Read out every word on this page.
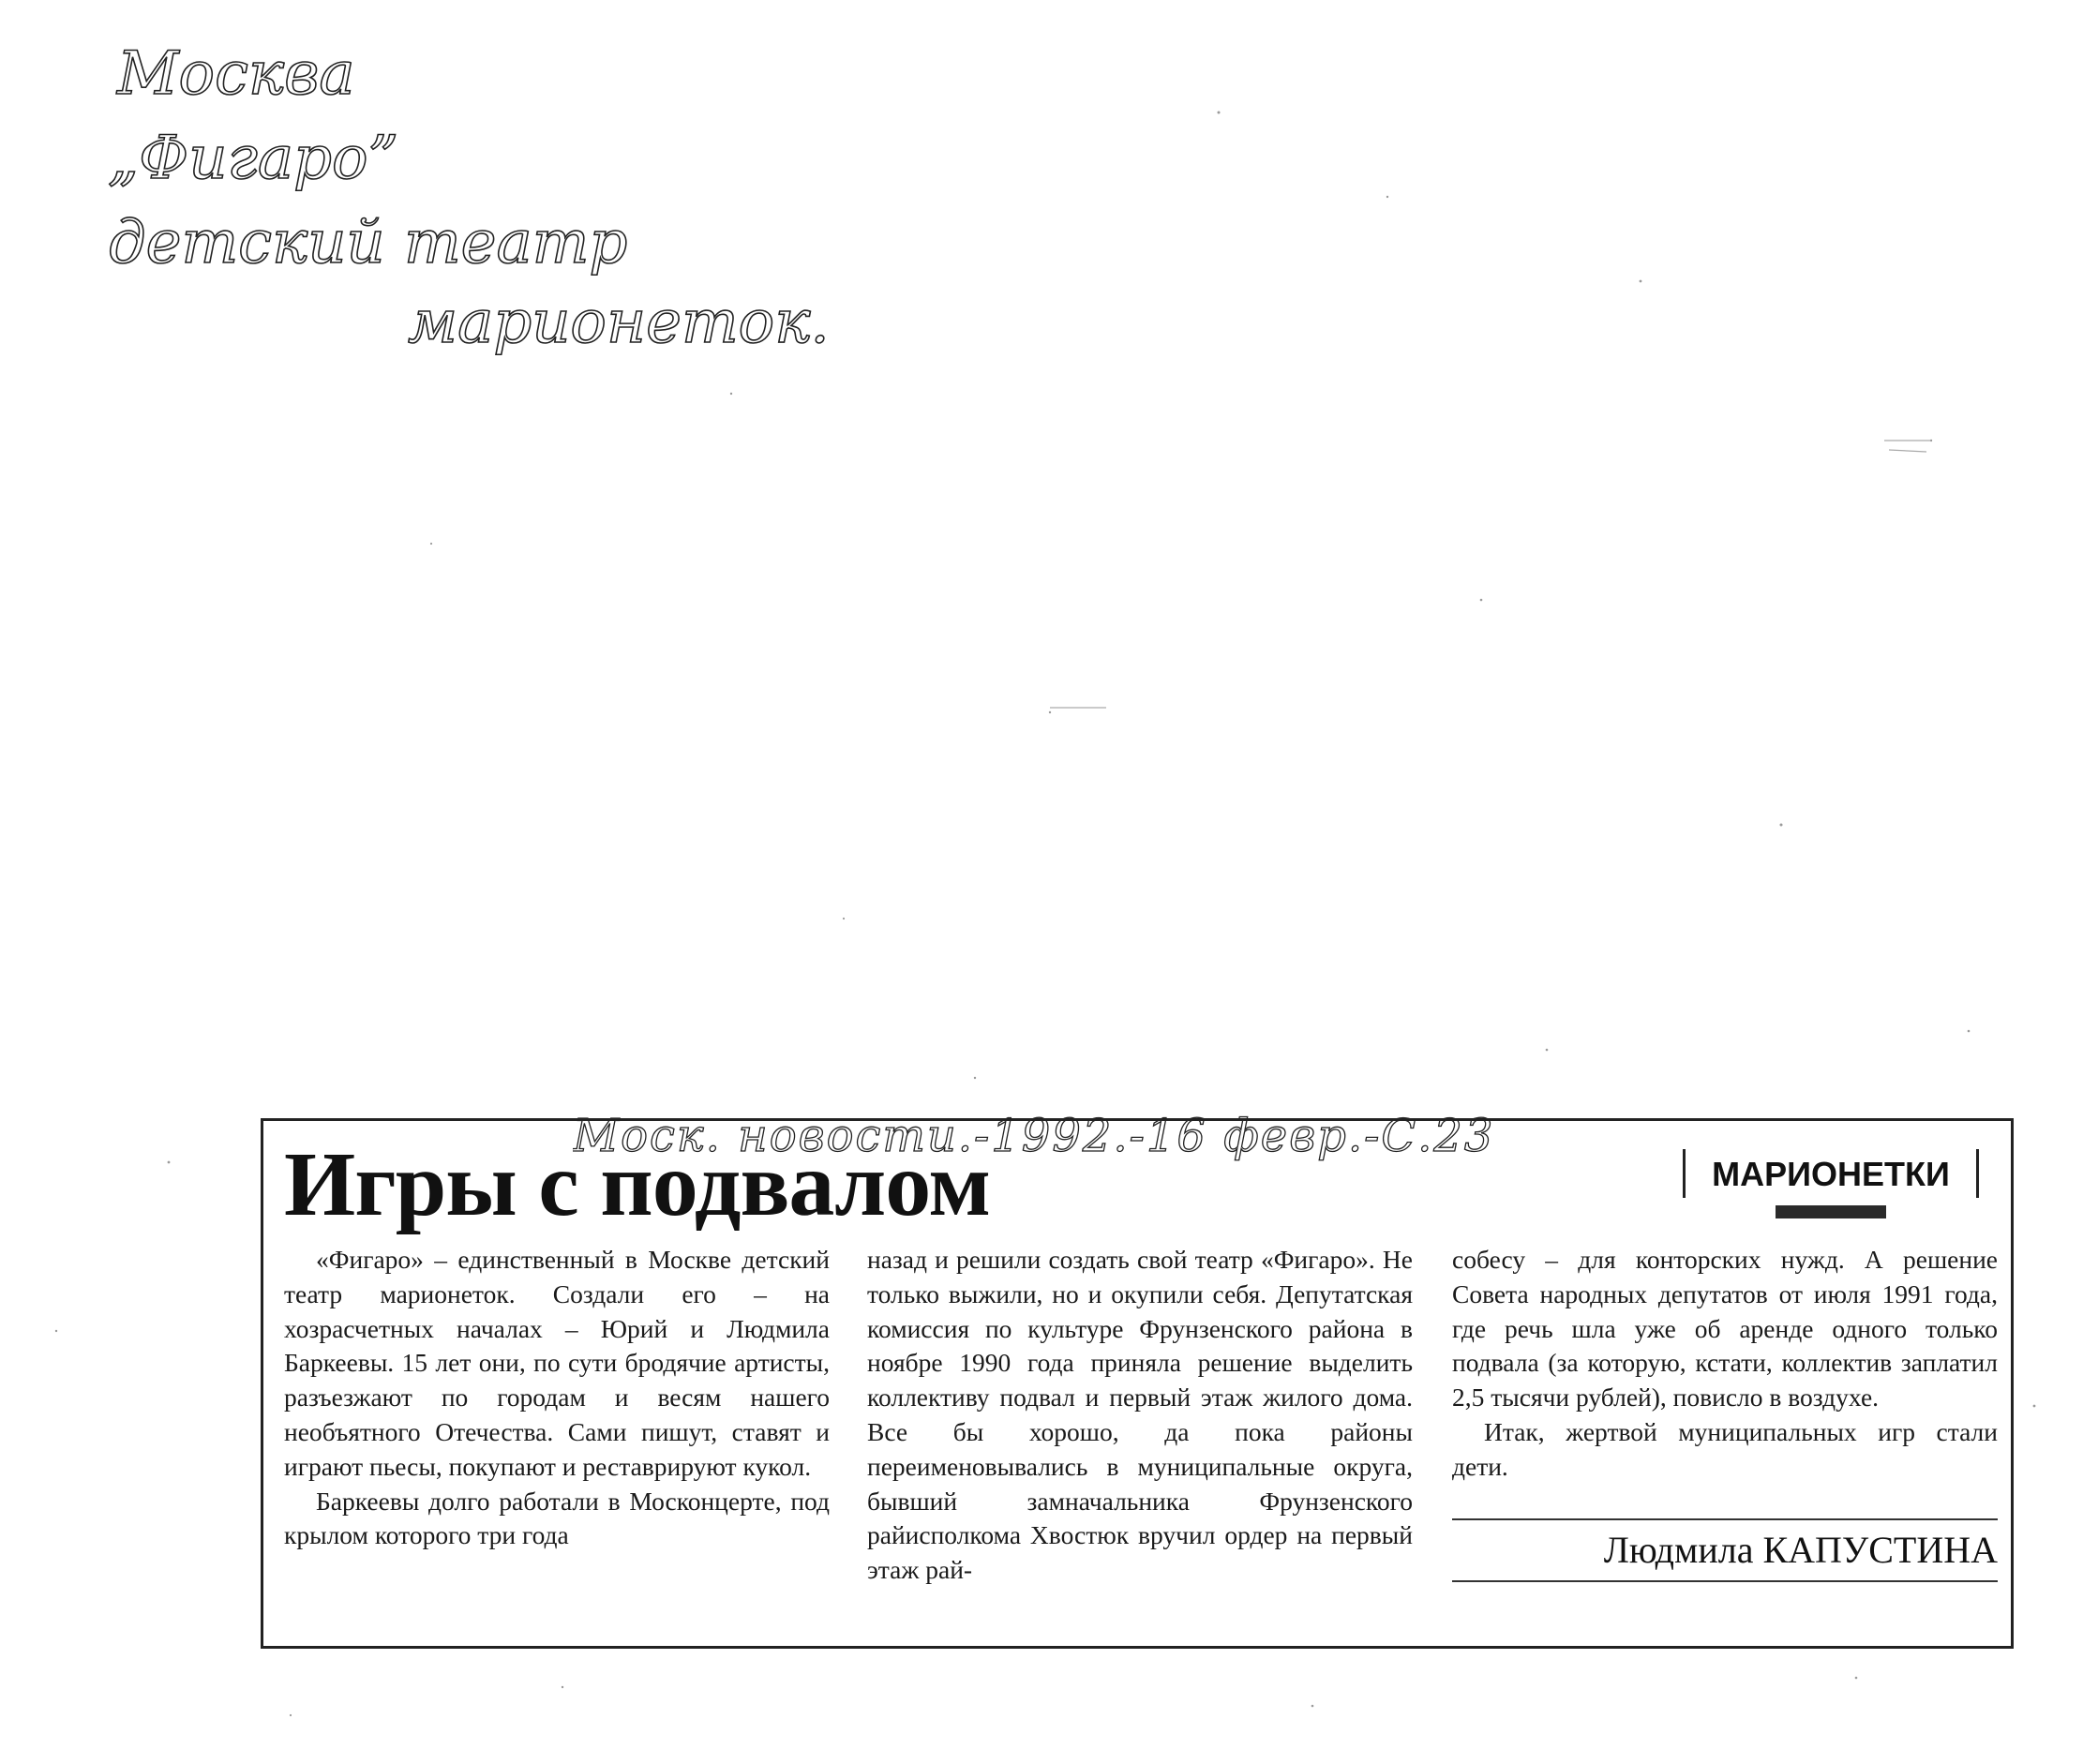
Москва
„Фигаро”
детский театр
марионеток.
Моск. новости.-1992.-16 февр.-С.23
Игры с подвалом	МАРИОНЕТКИ

«Фигаро» – единственный в Москве детский театр марионеток. Создали его – на хозрасчетных началах – Юрий и Людмила Баркеевы. 15 лет они, по сути бродячие артисты, разъезжают по городам и весям нашего необъятного Отечества. Сами пишут, ставят и играют пьесы, покупают и реставрируют кукол.

Баркеевы долго работали в Москонцерте, под крылом которого три года

назад и решили создать свой театр «Фигаро». Не только выжили, но и окупили себя. Депутатская комиссия по культуре Фрунзенского района в ноябре 1990 года приняла решение выделить коллективу подвал и первый этаж жилого дома. Все бы хорошо, да пока районы переименовывались в муниципальные округа, бывший замначальника Фрунзенского райисполкома Хвостюк вручил ордер на первый этаж рай-

собесу – для конторских нужд. А решение Совета народных депутатов от июля 1991 года, где речь шла уже об аренде одного только подвала (за которую, кстати, коллектив заплатил 2,5 тысячи рублей), повисло в воздухе.

Итак, жертвой муниципальных игр стали дети.

Людмила КАПУСТИНА
